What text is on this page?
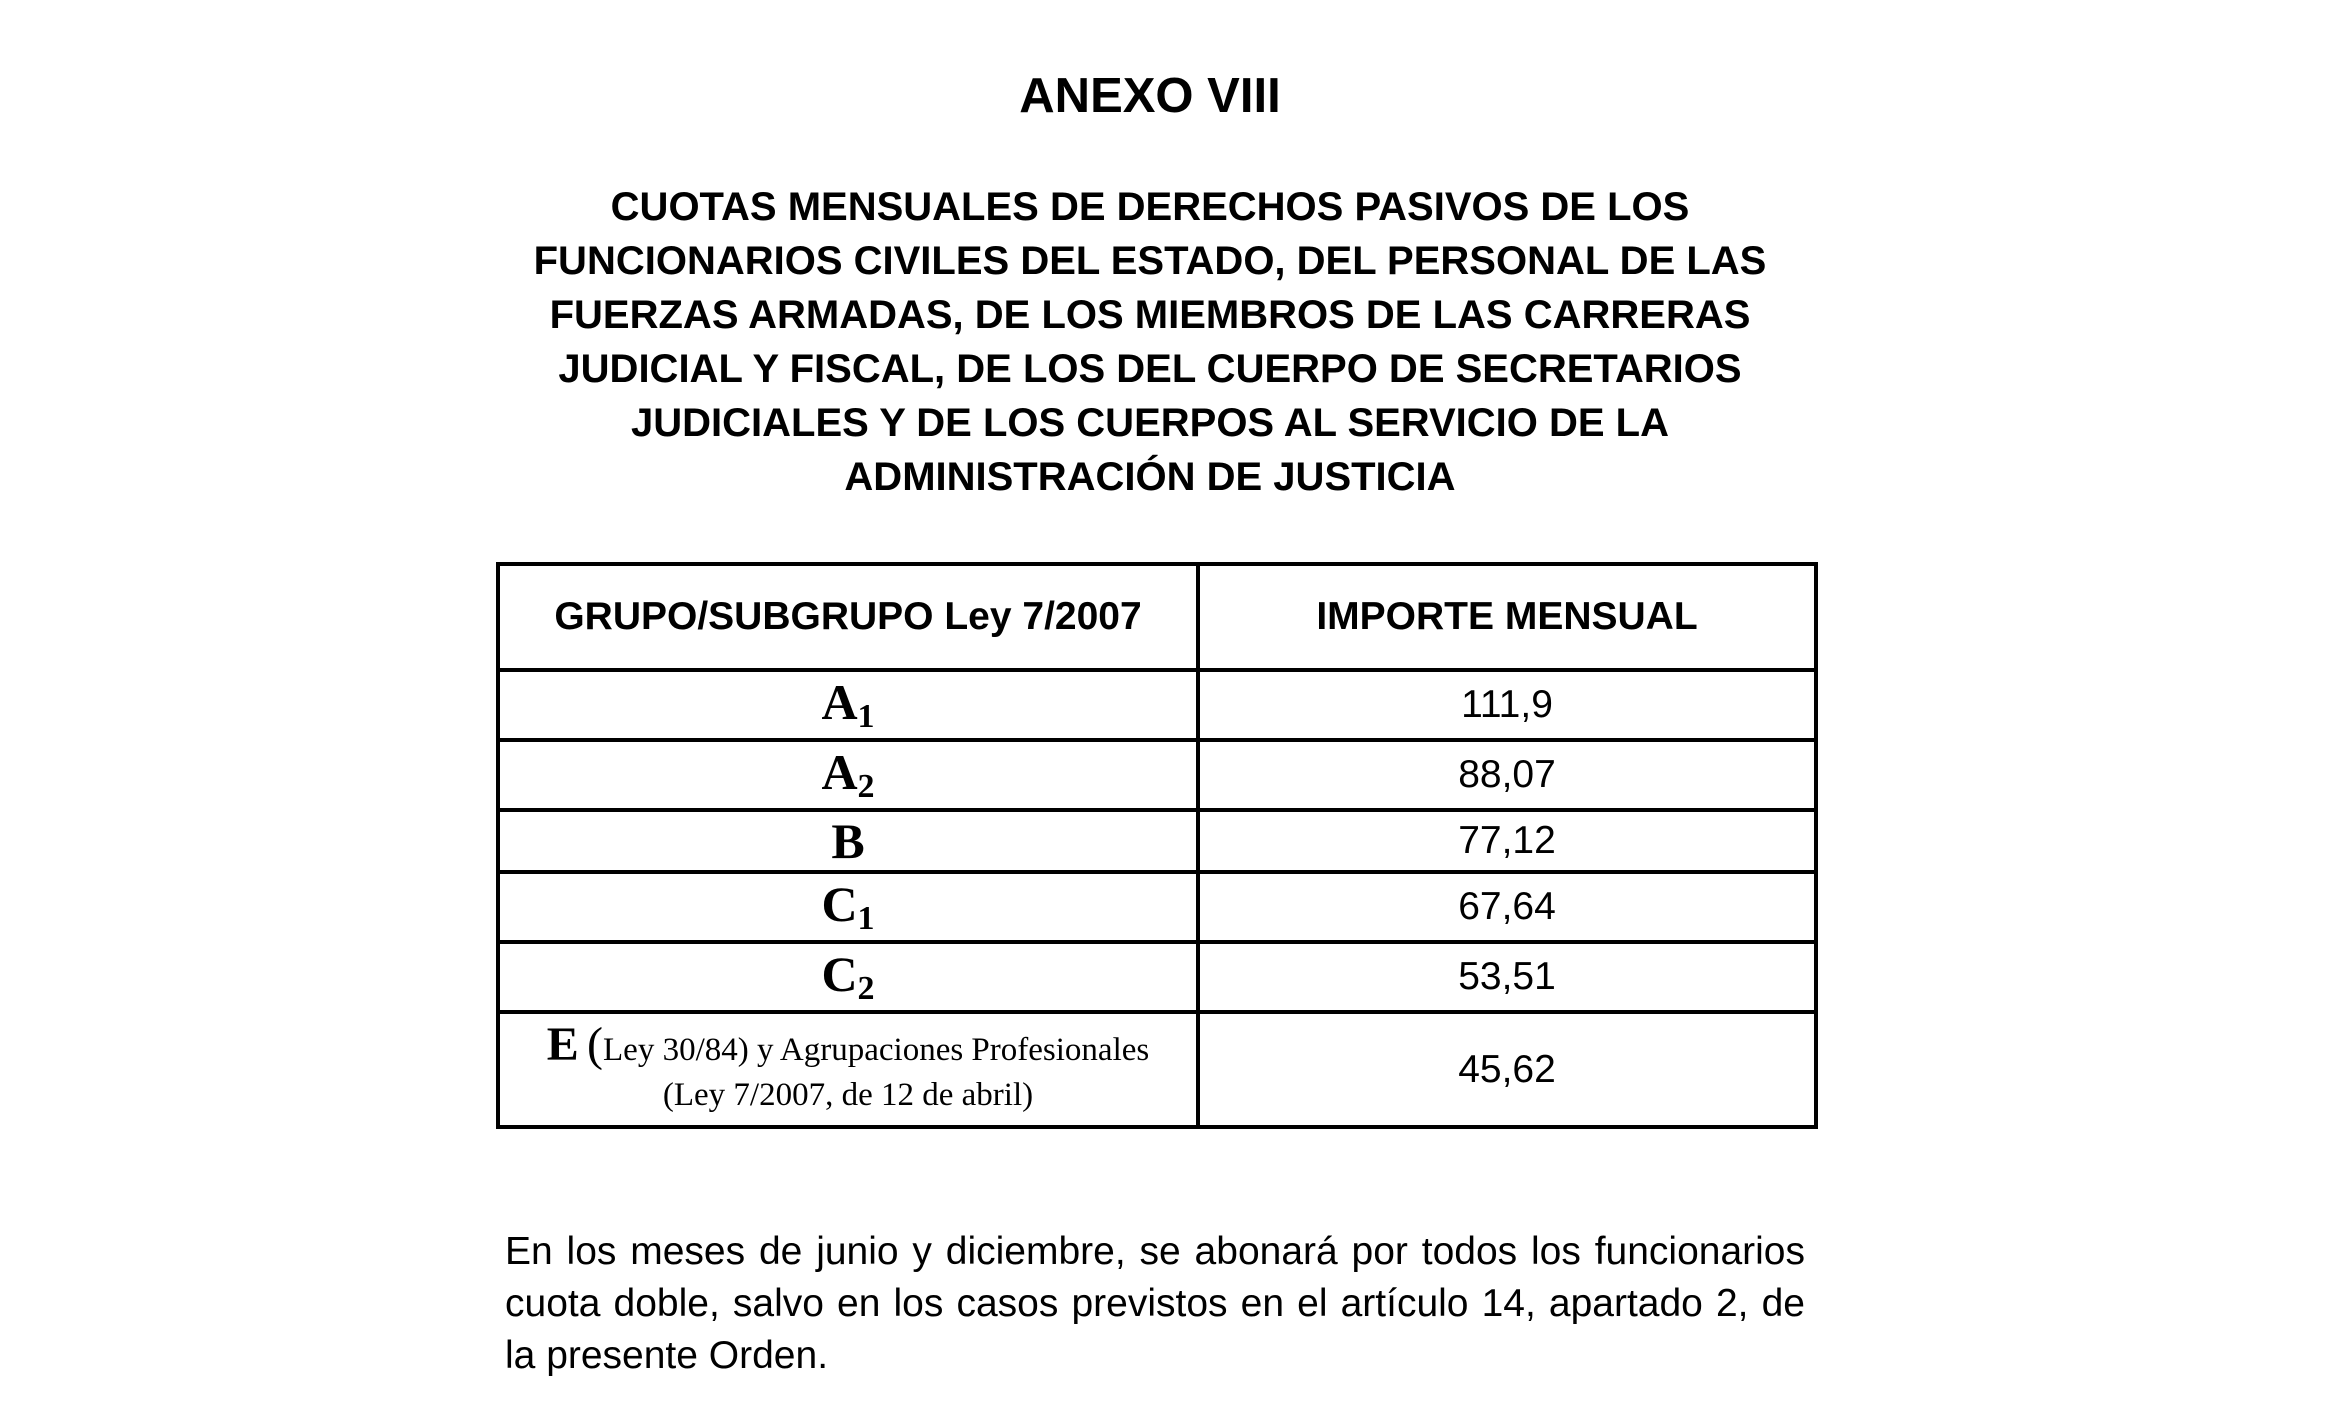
ANEXO VIII
CUOTAS MENSUALES DE DERECHOS PASIVOS DE LOS
FUNCIONARIOS CIVILES DEL ESTADO, DEL PERSONAL DE LAS
FUERZAS ARMADAS, DE LOS MIEMBROS DE LAS CARRERAS
JUDICIAL Y FISCAL, DE LOS DEL CUERPO DE SECRETARIOS
JUDICIALES Y DE LOS CUERPOS AL SERVICIO DE LA
ADMINISTRACIÓN DE JUSTICIA
GRUPO/SUBGRUPO Ley 7/2007	IMPORTE MENSUAL
$A_1$	111,9
$A_2$	88,07
B	77,12
$C_1$	67,64
$C_2$	53,51

E (Ley 30/84) y Agrupaciones Profesionales
(Ley 7/2007, de 12 de abril)	45,62

En los meses de junio y diciembre, se abonará por todos los funcionarios cuota doble, salvo en los casos previstos en el artículo 14, apartado 2, de la presente Orden.
